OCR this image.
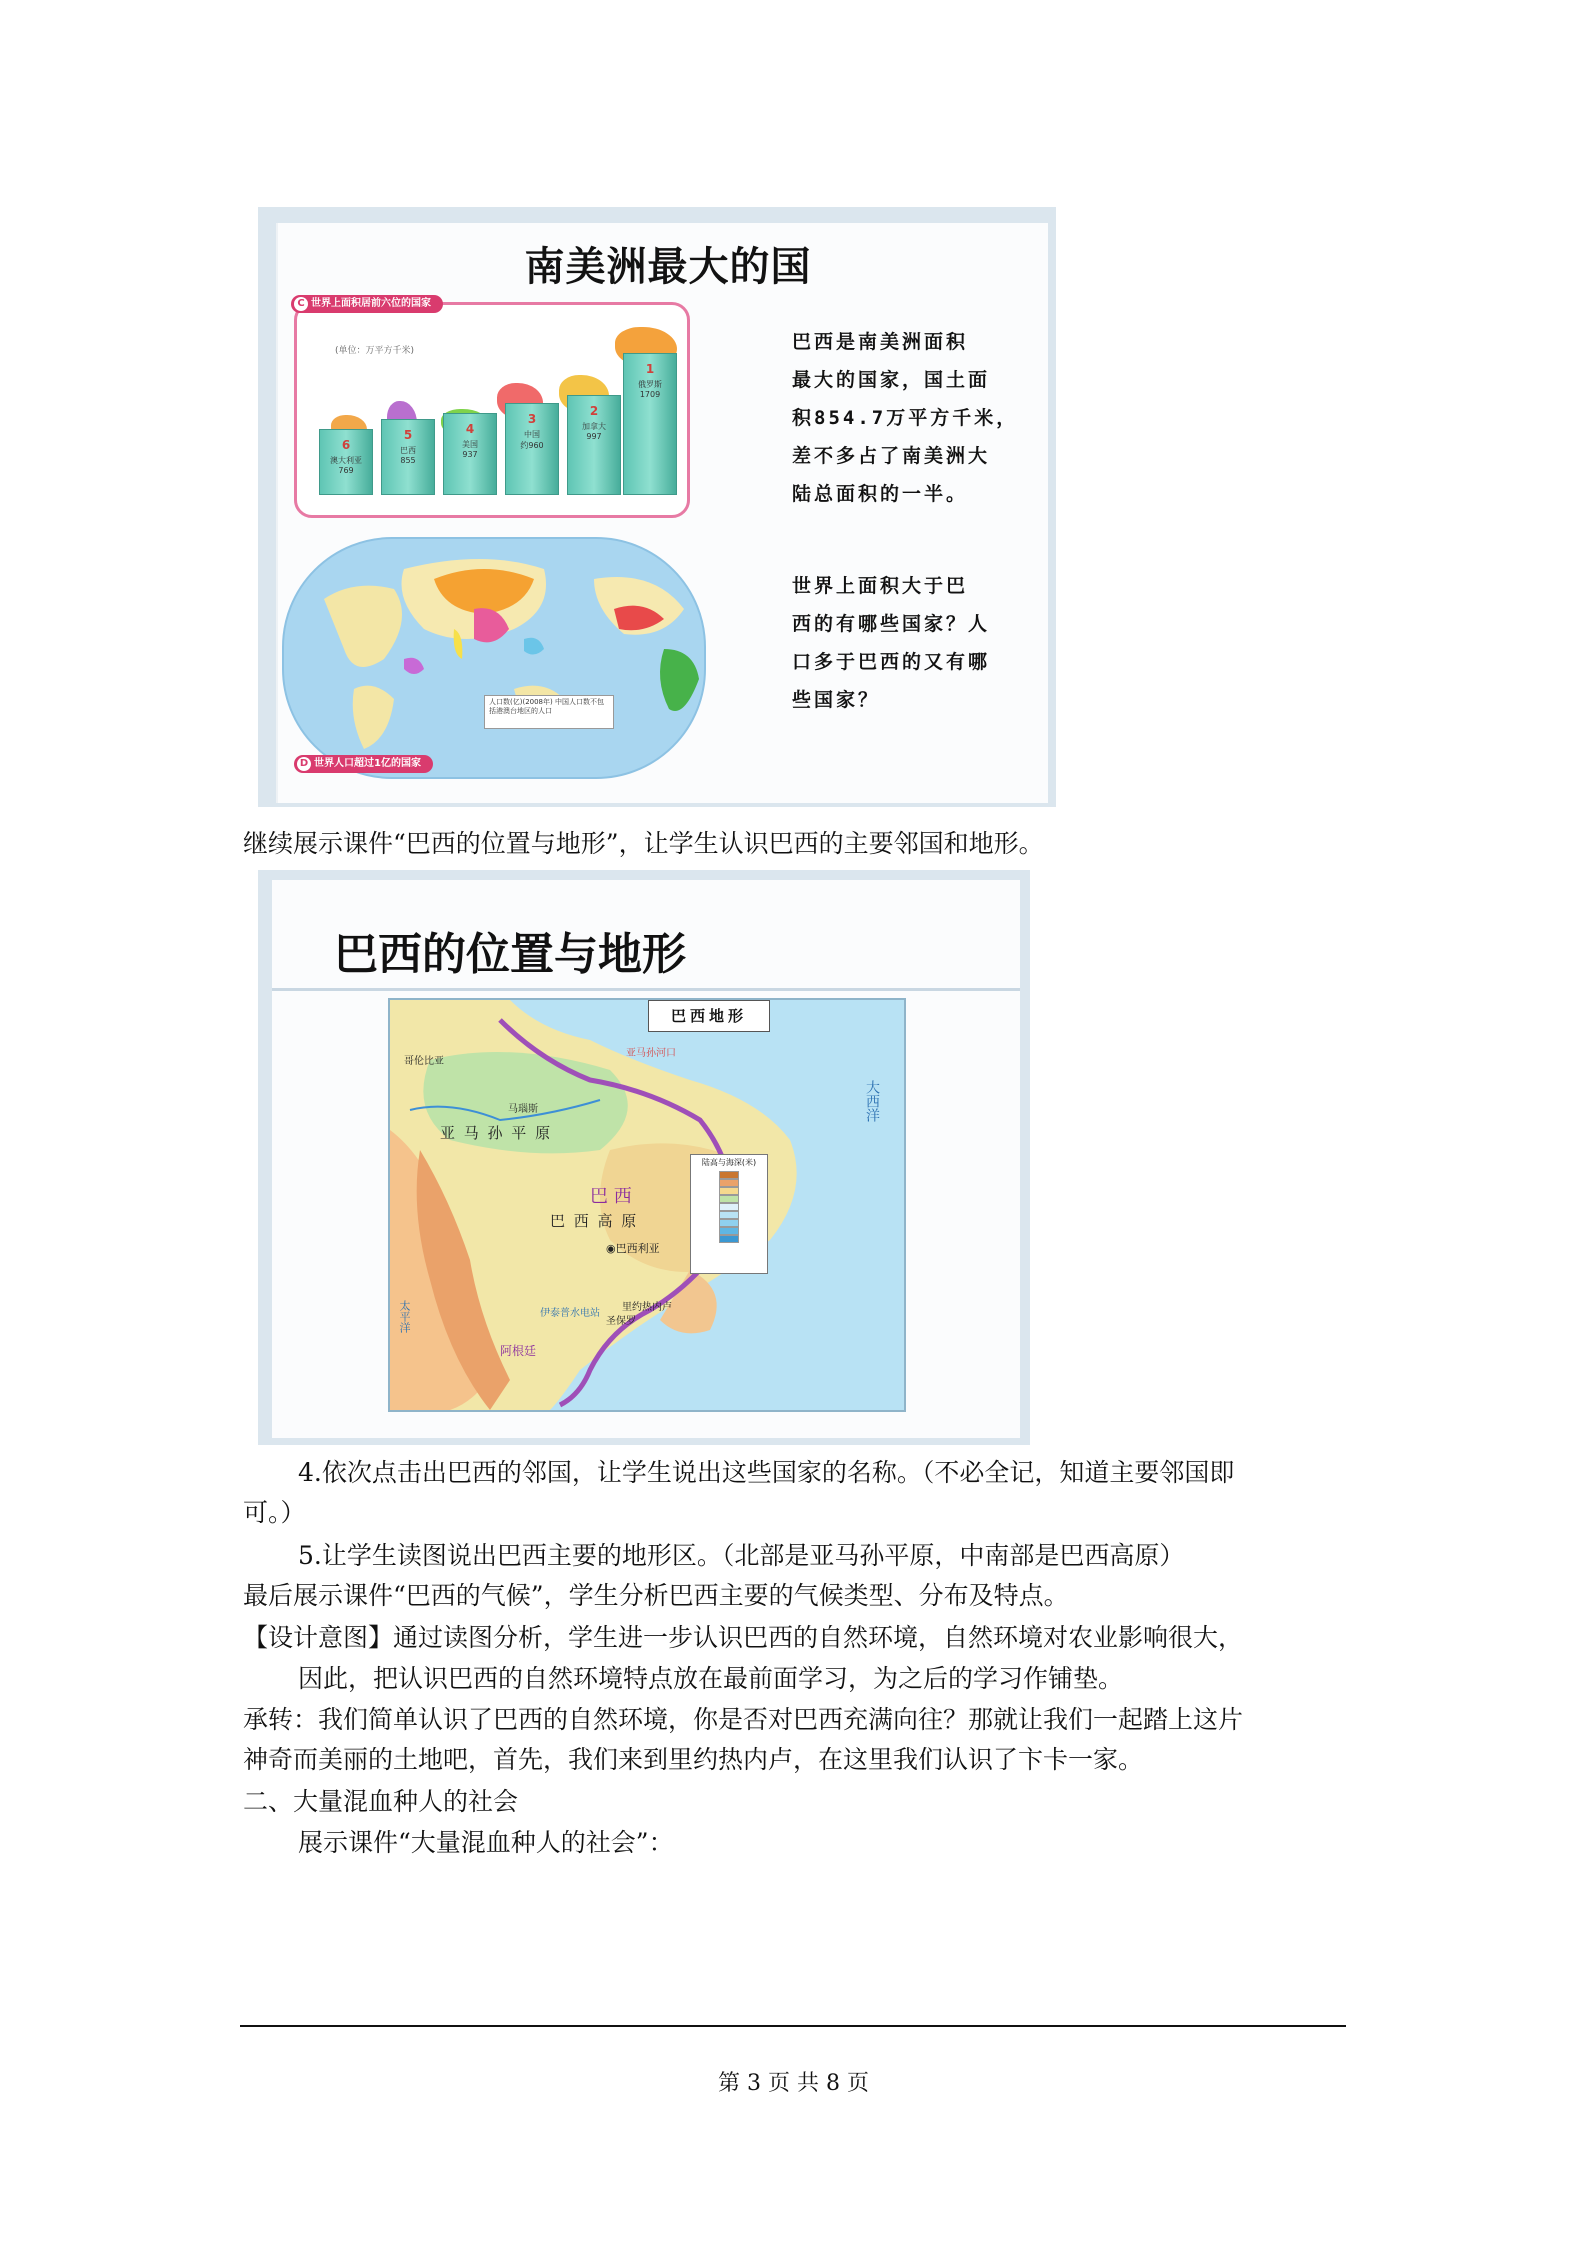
南美洲最大的国
C 世界上面积居前六位的国家
(单位：万平方千米)
6
澳大利亚
769
5
巴西
855
4
美国
937
3
中国
约960
2
加拿大
997
1
俄罗斯
1709
人口数(亿)(2008年) 中国人口数不包括港澳台地区的人口
D 世界人口超过1亿的国家
巴西是南美洲面积
最大的国家，国土面
积854.7万平方千米，
差不多占了南美洲大
陆总面积的一半。
世界上面积大于巴
西的有哪些国家？人
口多于巴西的又有哪
些国家？
继续展示课件“巴西的位置与地形”，让学生认识巴西的主要邻国和地形。
巴西的位置与地形
亚 马 孙 平 原
巴 西 高 原
巴 西
◉巴西利亚
马瑙斯
里约热内卢
圣保罗
伊泰普水电站
阿根廷
亚马孙河口
哥伦比亚
太平洋
大西洋
巴西地形
陆高与海深(米)
4.依次点击出巴西的邻国，让学生说出这些国家的名称。（不必全记，知道主要邻国即
可。）
5.让学生读图说出巴西主要的地形区。（北部是亚马孙平原，中南部是巴西高原）
最后展示课件“巴西的气候”，学生分析巴西主要的气候类型、分布及特点。
【设计意图】通过读图分析，学生进一步认识巴西的自然环境，自然环境对农业影响很大，
因此，把认识巴西的自然环境特点放在最前面学习，为之后的学习作铺垫。
承转：我们简单认识了巴西的自然环境，你是否对巴西充满向往？那就让我们一起踏上这片
神奇而美丽的土地吧，首先，我们来到里约热内卢，在这里我们认识了卞卡一家。
二、大量混血种人的社会
展示课件“大量混血种人的社会”：
第 3 页 共 8 页
